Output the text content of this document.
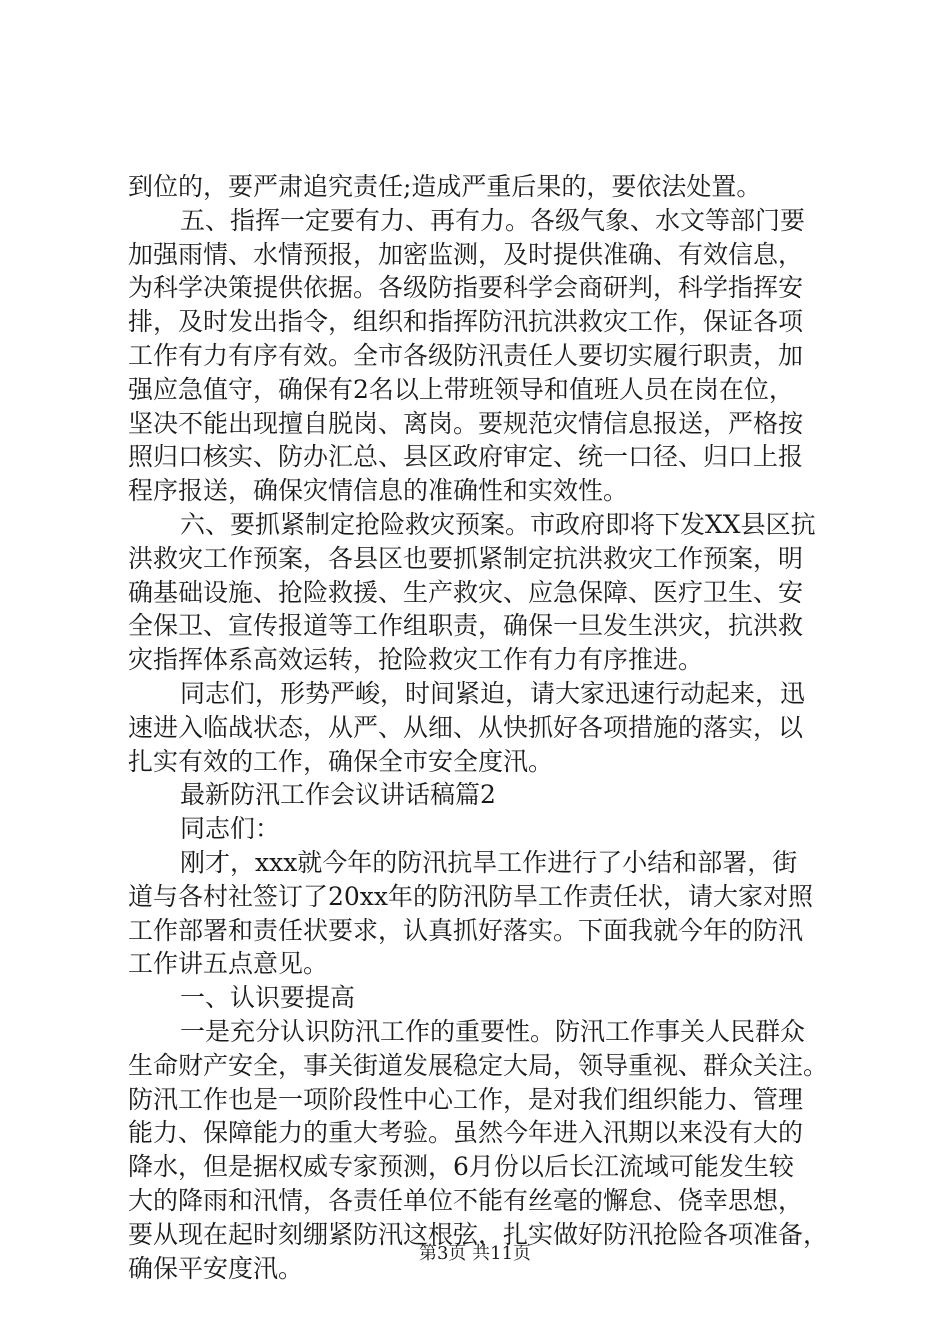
到位的，要严肃追究责任;造成严重后果的，要依法处置。
五、指挥一定要有力、再有力。各级气象、水文等部门要
加强雨情、水情预报，加密监测，及时提供准确、有效信息，
为科学决策提供依据。各级防指要科学会商研判，科学指挥安
排，及时发出指令，组织和指挥防汛抗洪救灾工作，保证各项
工作有力有序有效。全市各级防汛责任人要切实履行职责，加
强应急值守，确保有2名以上带班领导和值班人员在岗在位，
坚决不能出现擅自脱岗、离岗。要规范灾情信息报送，严格按
照归口核实、防办汇总、县区政府审定、统一口径、归口上报
程序报送，确保灾情信息的准确性和实效性。
六、要抓紧制定抢险救灾预案。市政府即将下发XX县区抗
洪救灾工作预案，各县区也要抓紧制定抗洪救灾工作预案，明
确基础设施、抢险救援、生产救灾、应急保障、医疗卫生、安
全保卫、宣传报道等工作组职责，确保一旦发生洪灾，抗洪救
灾指挥体系高效运转，抢险救灾工作有力有序推进。
同志们，形势严峻，时间紧迫，请大家迅速行动起来，迅
速进入临战状态，从严、从细、从快抓好各项措施的落实，以
扎实有效的工作，确保全市安全度汛。
最新防汛工作会议讲话稿篇2
同志们：
刚才，xxx就今年的防汛抗旱工作进行了小结和部署，街
道与各村社签订了20xx年的防汛防旱工作责任状，请大家对照
工作部署和责任状要求，认真抓好落实。下面我就今年的防汛
工作讲五点意见。
一、认识要提高
一是充分认识防汛工作的重要性。防汛工作事关人民群众
生命财产安全，事关街道发展稳定大局，领导重视、群众关注。
防汛工作也是一项阶段性中心工作，是对我们组织能力、管理
能力、保障能力的重大考验。虽然今年进入汛期以来没有大的
降水，但是据权威专家预测，6月份以后长江流域可能发生较
大的降雨和汛情，各责任单位不能有丝毫的懈怠、侥幸思想，
要从现在起时刻绷紧防汛这根弦，扎实做好防汛抢险各项准备，
确保平安度汛。	第3页 共11页
